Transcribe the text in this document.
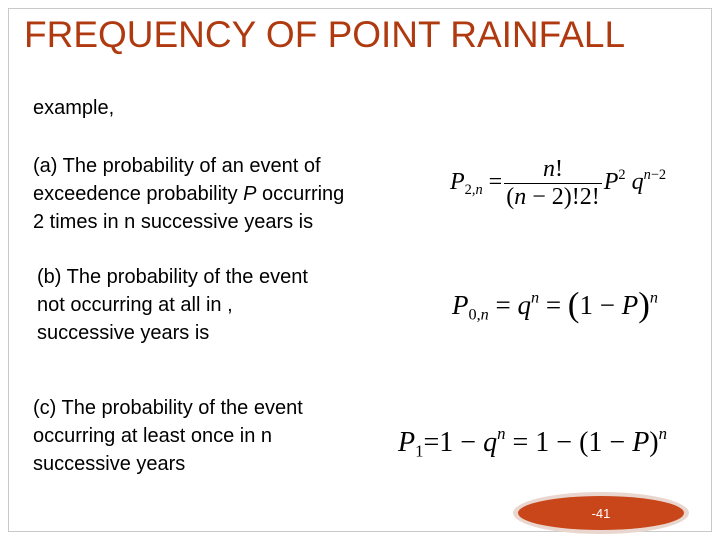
FREQUENCY OF POINT RAINFALL
example,
(a) The probability of an event of
exceedence probability P occurring
2 times in n successive years is
$P_{2,n} = \frac{n!}{(n - 2)!2!} P^2$ $q^{n-2}$
(b) The probability of the event
not occurring at all in ,
successive years is
$P_{0,n} = q^n = (1 - P)^n$
(c) The probability of the event
occurring at least once in n
successive years
$P_1=1 - q^n = 1 - (1 - P)^n$
-41
